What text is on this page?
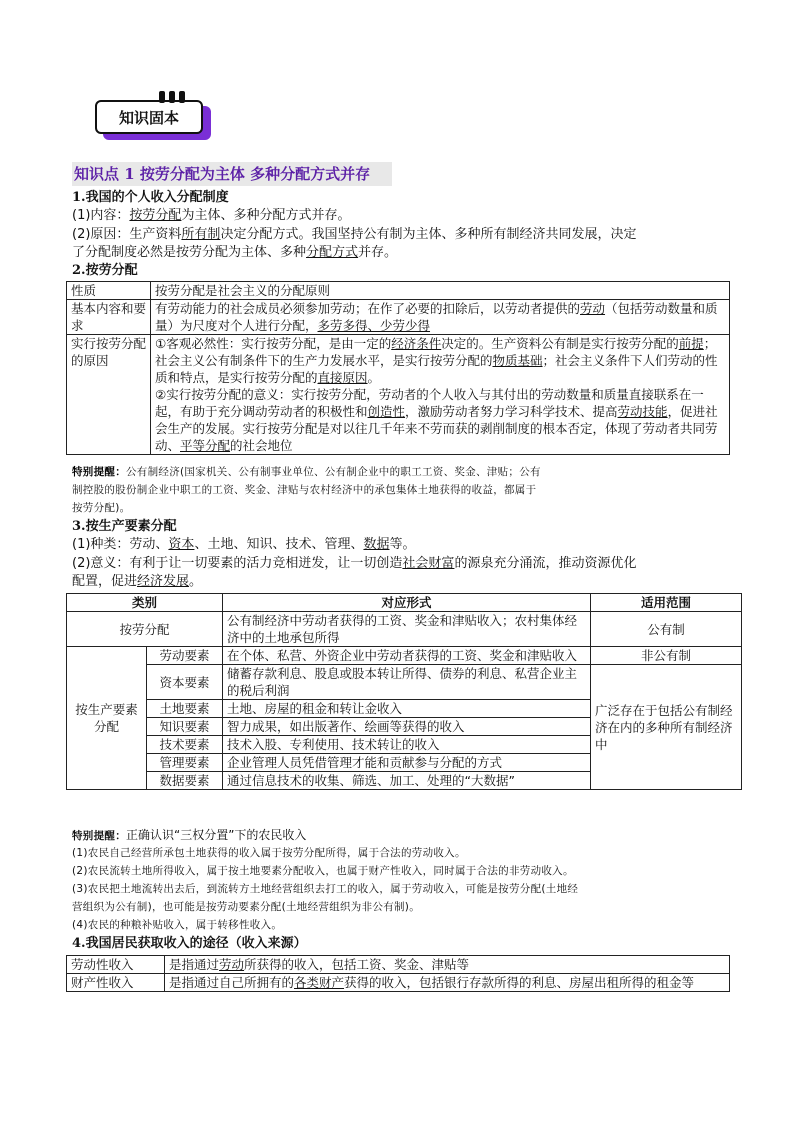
知识固本
知识点 1 按劳分配为主体 多种分配方式并存
1.我国的个人收入分配制度
(1)内容：按劳分配为主体、多种分配方式并存。
(2)原因：生产资料所有制决定分配方式。我国坚持公有制为主体、多种所有制经济共同发展，决定
了分配制度必然是按劳分配为主体、多种分配方式并存。
2.按劳分配
性质	按劳分配是社会主义的分配原则
基本内容和要求	有劳动能力的社会成员必须参加劳动；在作了必要的扣除后，以劳动者提供的劳动（包括劳动数量和质量）为尺度对个人进行分配，多劳多得、少劳少得
实行按劳分配的原因	①客观必然性：实行按劳分配，是由一定的经济条件决定的。生产资料公有制是实行按劳分配的前提；社会主义公有制条件下的生产力发展水平，是实行按劳分配的物质基础；社会主义条件下人们劳动的性质和特点，是实行按劳分配的直接原因。
②实行按劳分配的意义：实行按劳分配，劳动者的个人收入与其付出的劳动数量和质量直接联系在一起，有助于充分调动劳动者的积极性和创造性，激励劳动者努力学习科学技术、提高劳动技能，促进社会生产的发展。实行按劳分配是对以往几千年来不劳而获的剥削制度的根本否定，体现了劳动者共同劳动、平等分配的社会地位
特别提醒：公有制经济(国家机关、公有制事业单位、公有制企业中的职工工资、奖金、津贴；公有
制控股的股份制企业中职工的工资、奖金、津贴与农村经济中的承包集体土地获得的收益，都属于
按劳分配)。
3.按生产要素分配
(1)种类：劳动、资本、土地、知识、技术、管理、数据等。
(2)意义：有利于让一切要素的活力竞相迸发，让一切创造社会财富的源泉充分涌流，推动资源优化
配置，促进经济发展。
类别		对应形式	适用范围
按劳分配		公有制经济中劳动者获得的工资、奖金和津贴收入；农村集体经济中的土地承包所得	公有制
按生产要素分配	劳动要素	在个体、私营、外资企业中劳动者获得的工资、奖金和津贴收入	非公有制
	资本要素	储蓄存款利息、股息或股本转让所得、债券的利息、私营企业主的税后利润	广泛存在于包括公有制经济在内的多种所有制经济中
	土地要素	土地、房屋的租金和转让金收入	
	知识要素	智力成果，如出版著作、绘画等获得的收入	
	技术要素	技术入股、专利使用、技术转让的收入	
	管理要素	企业管理人员凭借管理才能和贡献参与分配的方式	
	数据要素	通过信息技术的收集、筛选、加工、处理的“大数据”	
特别提醒：正确认识“三权分置”下的农民收入
(1)农民自己经营所承包土地获得的收入属于按劳分配所得，属于合法的劳动收入。
(2)农民流转土地所得收入，属于按土地要素分配收入，也属于财产性收入，同时属于合法的非劳动收入。
(3)农民把土地流转出去后，到流转方土地经营组织去打工的收入，属于劳动收入，可能是按劳分配(土地经
营组织为公有制)，也可能是按劳动要素分配(土地经营组织为非公有制)。
(4)农民的种粮补贴收入，属于转移性收入。
4.我国居民获取收入的途径（收入来源）
劳动性收入	是指通过劳动所获得的收入，包括工资、奖金、津贴等
财产性收入	是指通过自己所拥有的各类财产获得的收入，包括银行存款所得的利息、房屋出租所得的租金等
